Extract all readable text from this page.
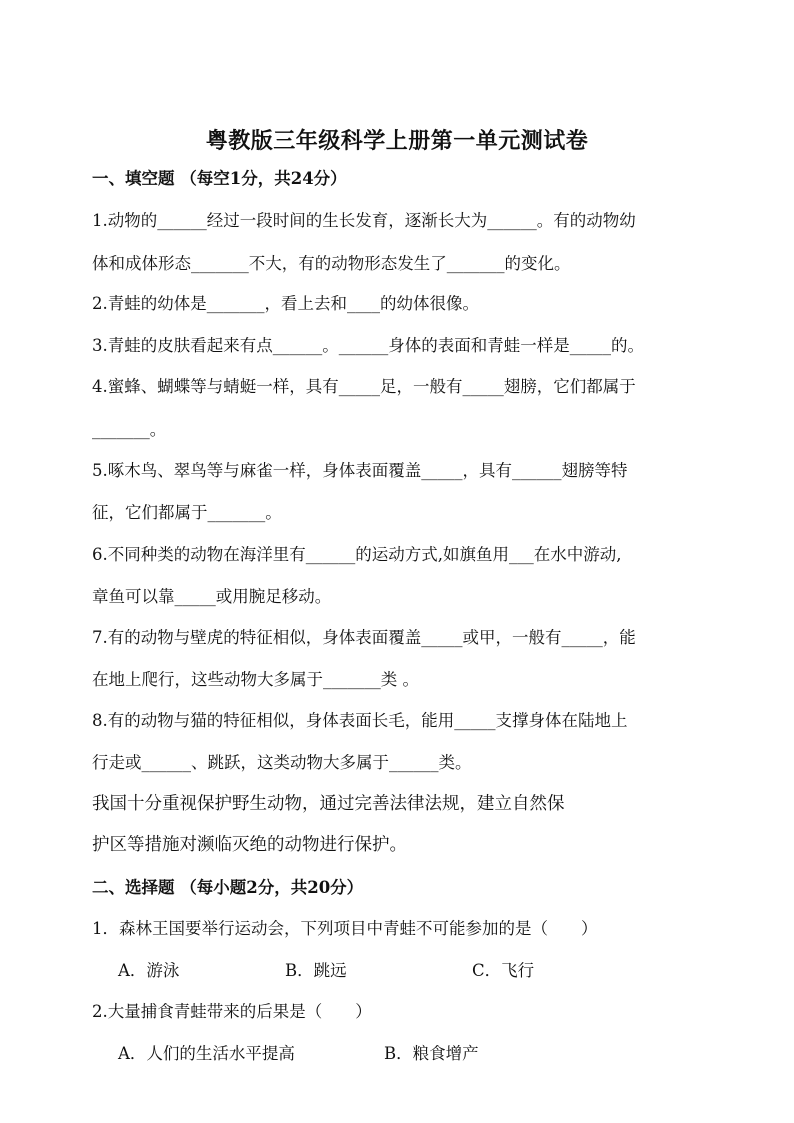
粤教版三年级科学上册第一单元测试卷
一、填空题 （每空1分，共24分）
1.动物的______经过一段时间的生长发育，逐渐长大为______。有的动物幼
体和成体形态_______不大，有的动物形态发生了_______的变化。
2.青蛙的幼体是_______，看上去和____的幼体很像。
3.青蛙的皮肤看起来有点______。______身体的表面和青蛙一样是_____的。
4.蜜蜂、蝴蝶等与蜻蜓一样，具有_____足，一般有_____翅膀，它们都属于
_______。
5.啄木鸟、翠鸟等与麻雀一样，身体表面覆盖_____，具有______翅膀等特
征，它们都属于_______。
6.不同种类的动物在海洋里有______的运动方式,如旗鱼用___在水中游动,
章鱼可以靠_____或用腕足移动。
7.有的动物与壁虎的特征相似，身体表面覆盖_____或甲，一般有_____，能
在地上爬行，这些动物大多属于_______类 。
8.有的动物与猫的特征相似，身体表面长毛，能用_____支撑身体在陆地上
行走或______、跳跃，这类动物大多属于______类。
我国十分重视保护野生动物，通过完善法律法规，建立自然保
护区等措施对濒临灭绝的动物进行保护。
二、选择题 （每小题2分，共20分）
1．森林王国要举行运动会，下列项目中青蛙不可能参加的是（　　）
A．游泳	B．跳远	C．飞行
2.大量捕食青蛙带来的后果是（　　）
A．人们的生活水平提高	B．粮食增产
